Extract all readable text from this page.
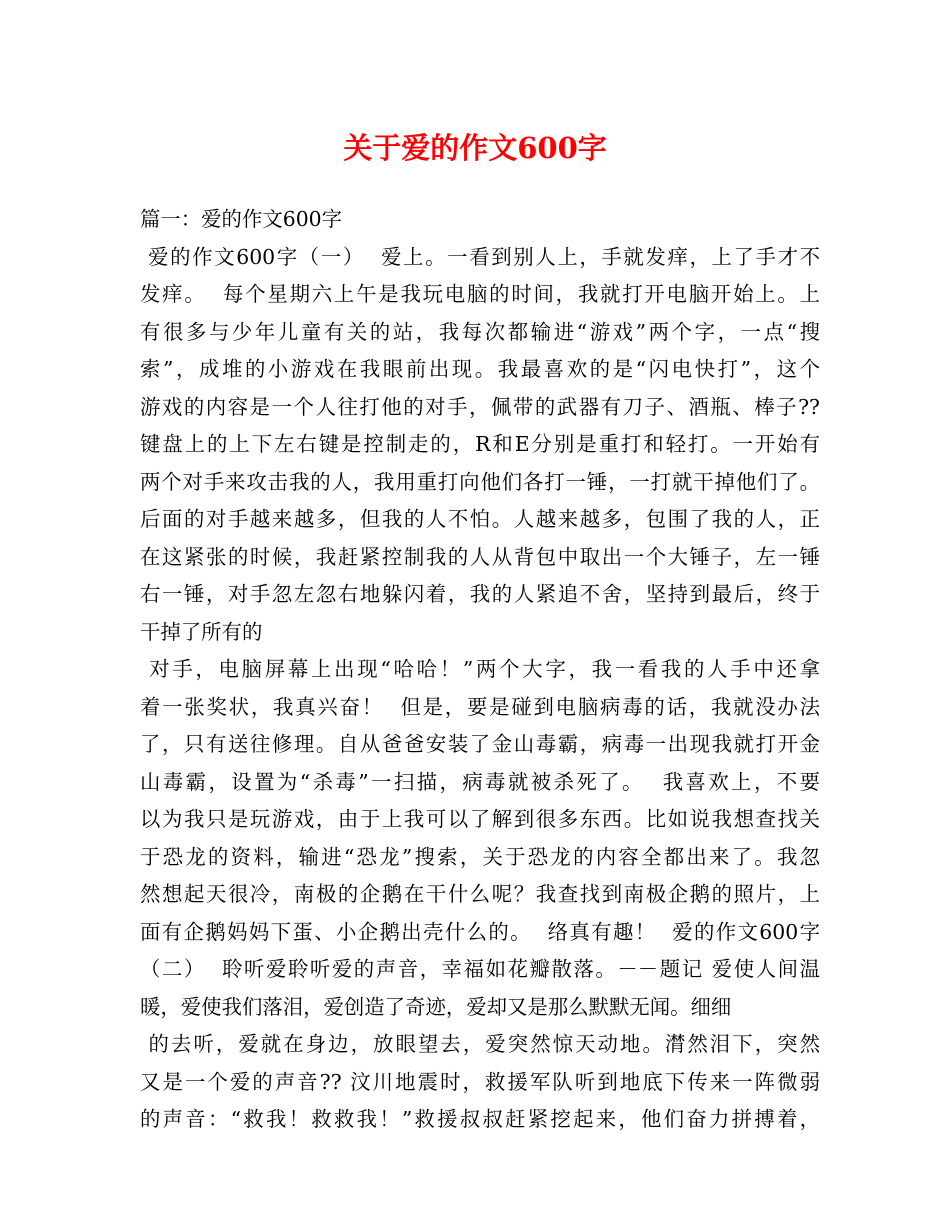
关于爱的作文600字
篇一：爱的作文600字
爱的作文600字（一）  爱上。一看到别人上，手就发痒，上了手才不
发痒。  每个星期六上午是我玩电脑的时间，我就打开电脑开始上。上
有很多与少年儿童有关的站，我每次都输进“游戏”两个字，一点“搜
索”，成堆的小游戏在我眼前出现。我最喜欢的是“闪电快打”，这个
游戏的内容是一个人往打他的对手，佩带的武器有刀子、酒瓶、棒子??
键盘上的上下左右键是控制走的，R和E分别是重打和轻打。一开始有
两个对手来攻击我的人，我用重打向他们各打一锤，一打就干掉他们了。
后面的对手越来越多，但我的人不怕。人越来越多，包围了我的人，正
在这紧张的时候，我赶紧控制我的人从背包中取出一个大锤子，左一锤
右一锤，对手忽左忽右地躲闪着，我的人紧追不舍，坚持到最后，终于
干掉了所有的
对手，电脑屏幕上出现“哈哈！”两个大字，我一看我的人手中还拿
着一张奖状，我真兴奋！  但是，要是碰到电脑病毒的话，我就没办法
了，只有送往修理。自从爸爸安装了金山毒霸，病毒一出现我就打开金
山毒霸，设置为“杀毒”一扫描，病毒就被杀死了。  我喜欢上，不要
以为我只是玩游戏，由于上我可以了解到很多东西。比如说我想查找关
于恐龙的资料，输进“恐龙”搜索，关于恐龙的内容全都出来了。我忽
然想起天很冷，南极的企鹅在干什么呢？我查找到南极企鹅的照片，上
面有企鹅妈妈下蛋、小企鹅出壳什么的。  络真有趣！  爱的作文600字
（二）  聆听爱聆听爱的声音，幸福如花瓣散落。－－题记 爱使人间温
暖，爱使我们落泪，爱创造了奇迹，爱却又是那么默默无闻。细细
的去听，爱就在身边，放眼望去，爱突然惊天动地。潸然泪下，突然
又是一个爱的声音?? 汶川地震时，救援军队听到地底下传来一阵微弱
的声音：“救我！救救我！”救援叔叔赶紧挖起来，他们奋力拼搏着，
